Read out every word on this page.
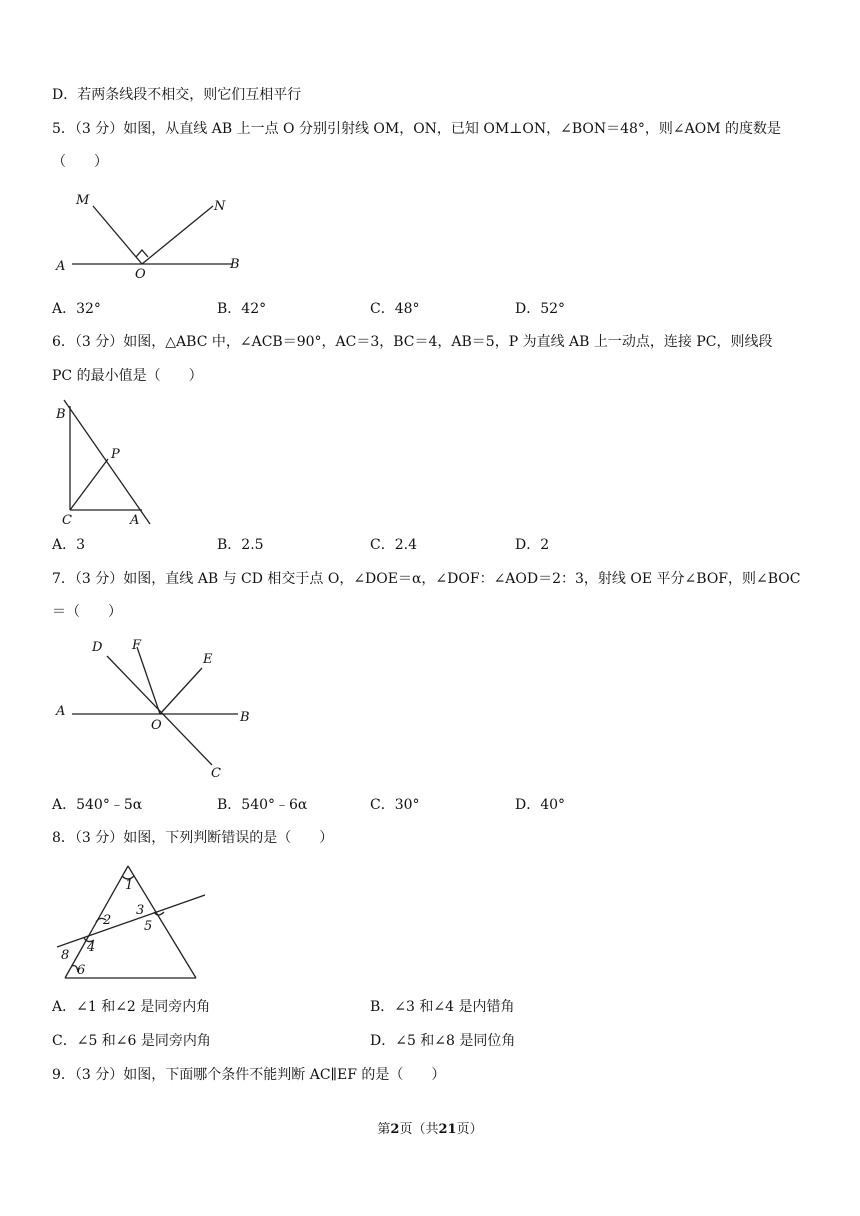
D．若两条线段不相交，则它们互相平行
5．（3 分）如图，从直线 AB 上一点 O 分别引射线 OM，ON，已知 OM⊥ON，∠BON＝48°，则∠AOM 的度数是
（　　）
M	N
A
O
B
A．32°	B．42°	C．48°	D．52°
6．（3 分）如图，△ABC 中，∠ACB＝90°，AC＝3，BC＝4，AB＝5，P 为直线 AB 上一动点，连接 PC，则线段
PC 的最小值是（　　）
B
P
C	A
A．3	B．2.5	C．2.4	D．2
7．（3 分）如图，直线 AB 与 CD 相交于点 O，∠DOE＝α，∠DOF：∠AOD＝2：3，射线 OE 平分∠BOF，则∠BOC
＝（　　）
D F
E
A
O
B
C
A．540°﹣5α	B．540°﹣6α	C．30°	D．40°
8．（3 分）如图，下列判断错误的是（　　）
1
2
3
4
5
6
8
A．∠1 和∠2 是同旁内角	B．∠3 和∠4 是内错角
C．∠5 和∠6 是同旁内角	D．∠5 和∠8 是同位角
9．（3 分）如图，下面哪个条件不能判断 AC∥EF 的是（　　）
第2页（共21页）
